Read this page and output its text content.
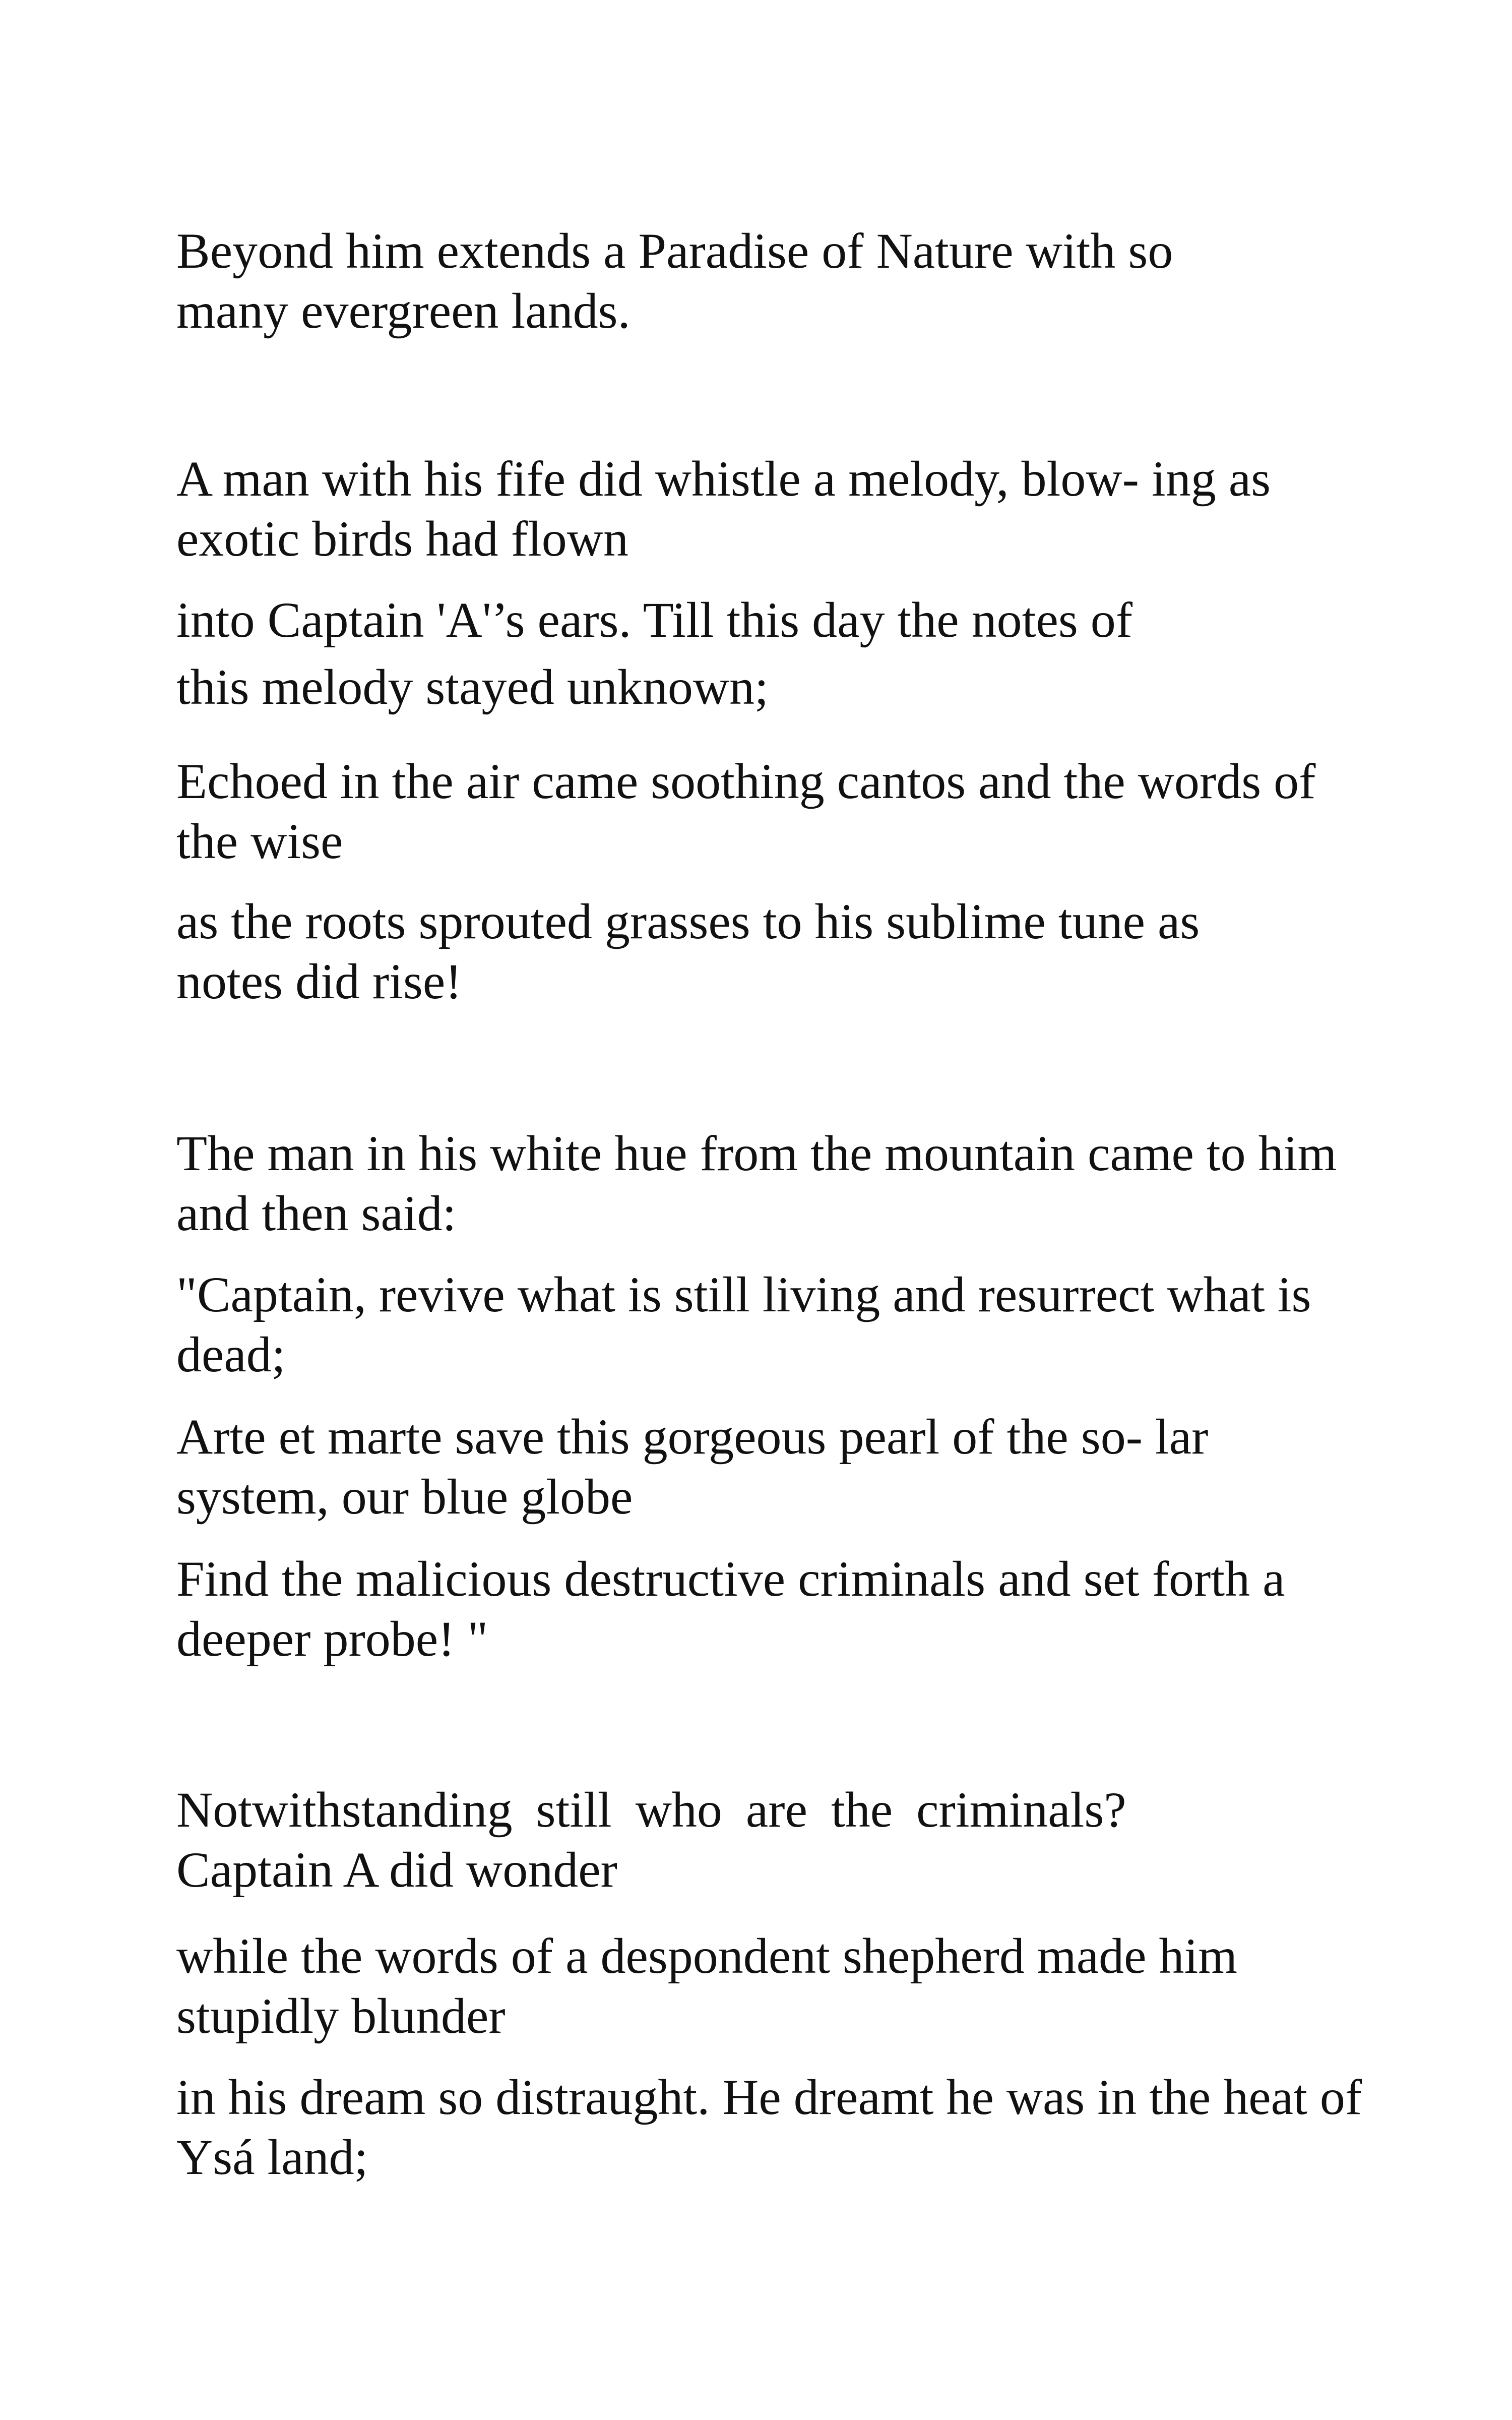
Beyond him extends a Paradise of Nature with so
many evergreen lands.

A man with his fife did whistle a melody, blow- ing as
exotic birds had flown

into Captain 'A'’s ears. Till this day the notes of
this melody stayed unknown;

Echoed in the air came soothing cantos and the words of
the wise

as the roots sprouted grasses to his sublime tune as
notes did rise!

The man in his white hue from the mountain came to him
and then said:

"Captain, revive what is still living and resurrect what is
dead;

Arte et marte save this gorgeous pearl of the so- lar
system, our blue globe

Find the malicious destructive criminals and set forth a
deeper probe! "

Notwithstanding still who are the criminals?
Captain A did wonder

while the words of a despondent shepherd made him
stupidly blunder

in his dream so distraught. He dreamt he was in the heat of
Ysá land;
